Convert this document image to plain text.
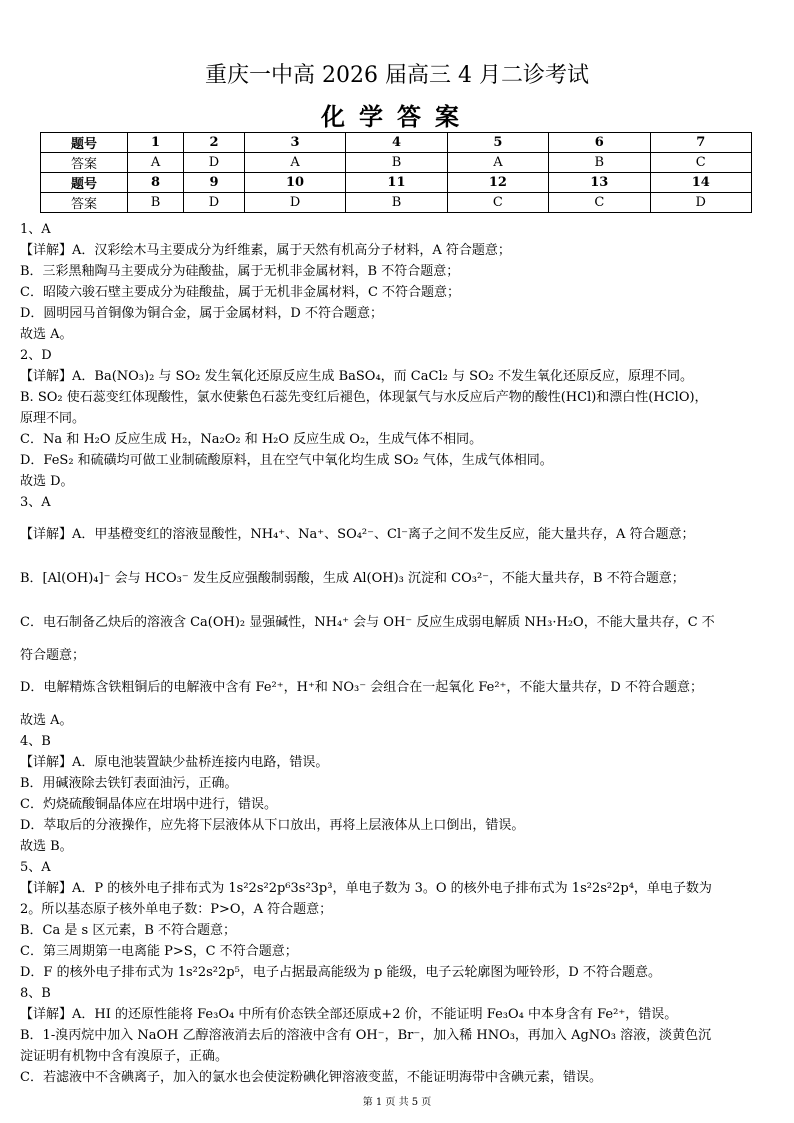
重庆一中高 2026 届高三 4 月二诊考试
化学答案
题号	1	2	3	4	5	6	7
答案	A	D	A	B	A	B	C
题号	8	9	10	11	12	13	14
答案	B	D	D	B	C	C	D

1、A

【详解】A．汉彩绘木马主要成分为纤维素，属于天然有机高分子材料，A 符合题意；

B．三彩黑釉陶马主要成分为硅酸盐，属于无机非金属材料，B 不符合题意；

C．昭陵六骏石壁主要成分为硅酸盐，属于无机非金属材料，C 不符合题意；

D．圆明园马首铜像为铜合金，属于金属材料，D 不符合题意；

故选 A。

2、D

【详解】A．Ba(NO₃)₂ 与 SO₂ 发生氧化还原反应生成 BaSO₄，而 CaCl₂ 与 SO₂ 不发生氧化还原反应，原理不同。

B. SO₂ 使石蕊变红体现酸性，氯水使紫色石蕊先变红后褪色，体现氯气与水反应后产物的酸性(HCl)和漂白性(HClO)，

原理不同。

C．Na 和 H₂O 反应生成 H₂，Na₂O₂ 和 H₂O 反应生成 O₂，生成气体不相同。

D．FeS₂ 和硫磺均可做工业制硫酸原料，且在空气中氧化均生成 SO₂ 气体，生成气体相同。

故选 D。

3、A

【详解】A．甲基橙变红的溶液显酸性，NH₄⁺、Na⁺、SO₄²⁻、Cl⁻离子之间不发生反应，能大量共存，A 符合题意；

B．[Al(OH)₄]⁻ 会与 HCO₃⁻ 发生反应强酸制弱酸，生成 Al(OH)₃ 沉淀和 CO₃²⁻，不能大量共存，B 不符合题意；

C．电石制备乙炔后的溶液含 Ca(OH)₂ 显强碱性，NH₄⁺ 会与 OH⁻ 反应生成弱电解质 NH₃·H₂O，不能大量共存，C 不

符合题意；

D．电解精炼含铁粗铜后的电解液中含有 Fe²⁺，H⁺和 NO₃⁻ 会组合在一起氧化 Fe²⁺，不能大量共存，D 不符合题意；

故选 A。

4、B

【详解】A．原电池装置缺少盐桥连接内电路，错误。

B．用碱液除去铁钉表面油污，正确。

C．灼烧硫酸铜晶体应在坩埚中进行，错误。

D．萃取后的分液操作，应先将下层液体从下口放出，再将上层液体从上口倒出，错误。

故选 B。

5、A

【详解】A．P 的核外电子排布式为 1s²2s²2p⁶3s²3p³，单电子数为 3。O 的核外电子排布式为 1s²2s²2p⁴，单电子数为

2。所以基态原子核外单电子数：P>O，A 符合题意；

B．Ca 是 s 区元素，B 不符合题意；

C．第三周期第一电离能 P>S，C 不符合题意；

D．F 的核外电子排布式为 1s²2s²2p⁵，电子占据最高能级为 p 能级，电子云轮廓图为哑铃形，D 不符合题意。

8、B

【详解】A．HI 的还原性能将 Fe₃O₄ 中所有价态铁全部还原成+2 价，不能证明 Fe₃O₄ 中本身含有 Fe²⁺，错误。

B．1-溴丙烷中加入 NaOH 乙醇溶液消去后的溶液中含有 OH⁻，Br⁻，加入稀 HNO₃，再加入 AgNO₃ 溶液，淡黄色沉

淀证明有机物中含有溴原子，正确。

C．若滤液中不含碘离子，加入的氯水也会使淀粉碘化钾溶液变蓝，不能证明海带中含碘元素，错误。

第 1 页 共 5 页
